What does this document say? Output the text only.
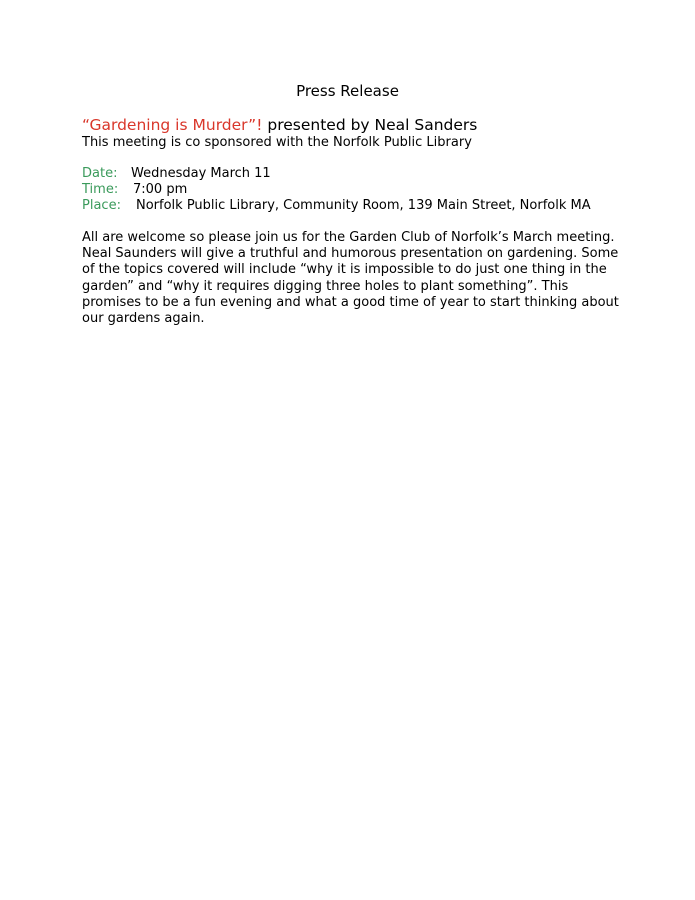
Press Release
“Gardening is Murder”! presented by Neal Sanders
This meeting is co sponsored with the Norfolk Public Library
Date: Wednesday March 11
Time: 7:00 pm
Place: Norfolk Public Library, Community Room, 139 Main Street, Norfolk MA

All are welcome so please join us for the Garden Club of Norfolk’s March meeting. Neal Saunders will give a truthful and humorous presentation on gardening. Some of the topics covered will include “why it is impossible to do just one thing in the garden” and “why it requires digging three holes to plant something”. This promises to be a fun evening and what a good time of year to start thinking about our gardens again.
